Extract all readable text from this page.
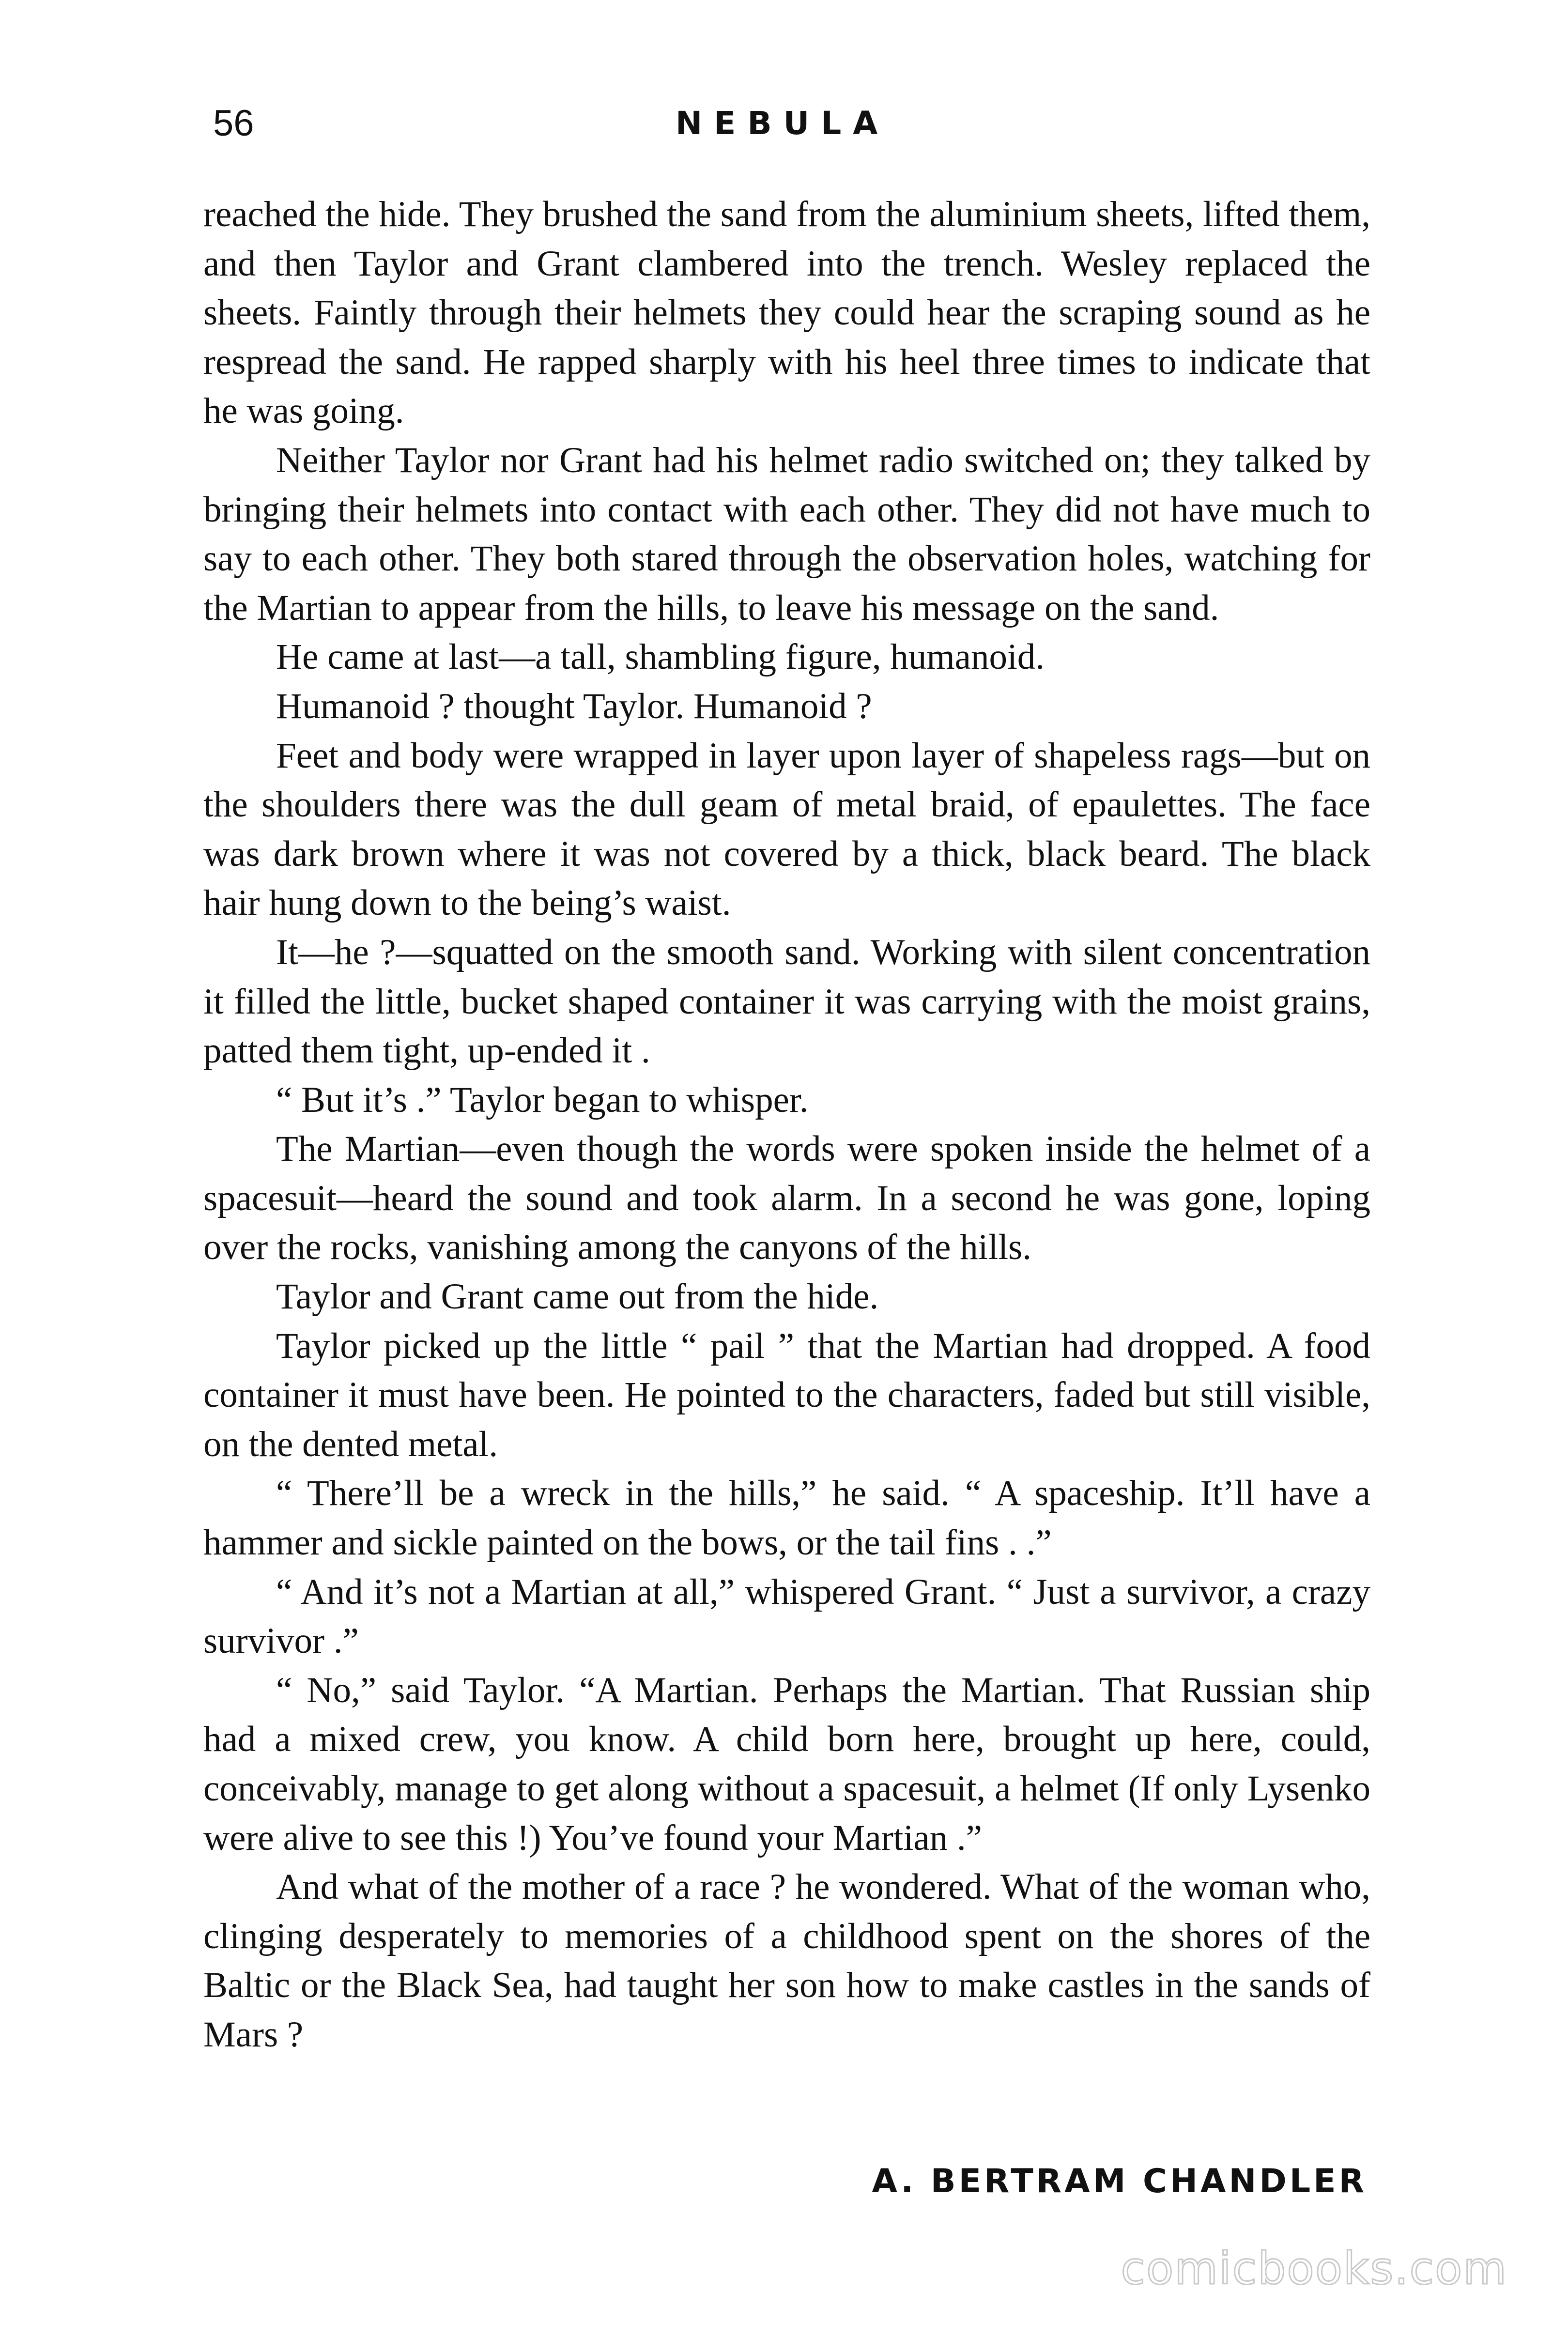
56	NEBULA

reached the hide. They brushed the sand from the aluminium sheets, lifted them, and then Taylor and Grant clambered into the trench. Wesley replaced the sheets. Faintly through their helmets they could hear the scraping sound as he respread the sand. He rapped sharply with his heel three times to indicate that he was going.

Neither Taylor nor Grant had his helmet radio switched on; they talked by bringing their helmets into contact with each other. They did not have much to say to each other. They both stared through the observation holes, watching for the Martian to appear from the hills, to leave his message on the sand.

He came at last—a tall, shambling figure, humanoid.

Humanoid ? thought Taylor. Humanoid ?

Feet and body were wrapped in layer upon layer of shapeless rags—but on the shoulders there was the dull geam of metal braid, of epaulettes. The face was dark brown where it was not covered by a thick, black beard. The black hair hung down to the being’s waist.

It—he ?—squatted on the smooth sand. Working with silent concentration it filled the little, bucket shaped container it was carrying with the moist grains, patted them tight, up-ended it .

“ But it’s .” Taylor began to whisper.

The Martian—even though the words were spoken inside the helmet of a spacesuit—heard the sound and took alarm. In a second he was gone, loping over the rocks, vanishing among the canyons of the hills.

Taylor and Grant came out from the hide.

Taylor picked up the little “ pail ” that the Martian had dropped. A food container it must have been. He pointed to the characters, faded but still visible, on the dented metal.

“ There’ll be a wreck in the hills,” he said. “ A spaceship. It’ll have a hammer and sickle painted on the bows, or the tail fins . .”

“ And it’s not a Martian at all,” whispered Grant. “ Just a survivor, a crazy survivor .”

“ No,” said Taylor. “A Martian. Perhaps the Martian. That Russian ship had a mixed crew, you know. A child born here, brought up here, could, conceivably, manage to get along without a spacesuit, a helmet (If only Lysenko were alive to see this !) You’ve found your Martian .”

And what of the mother of a race ? he wondered. What of the woman who, clinging desperately to memories of a childhood spent on the shores of the Baltic or the Black Sea, had taught her son how to make castles in the sands of Mars ?

A. BERTRAM CHANDLER
comicbooks.com
